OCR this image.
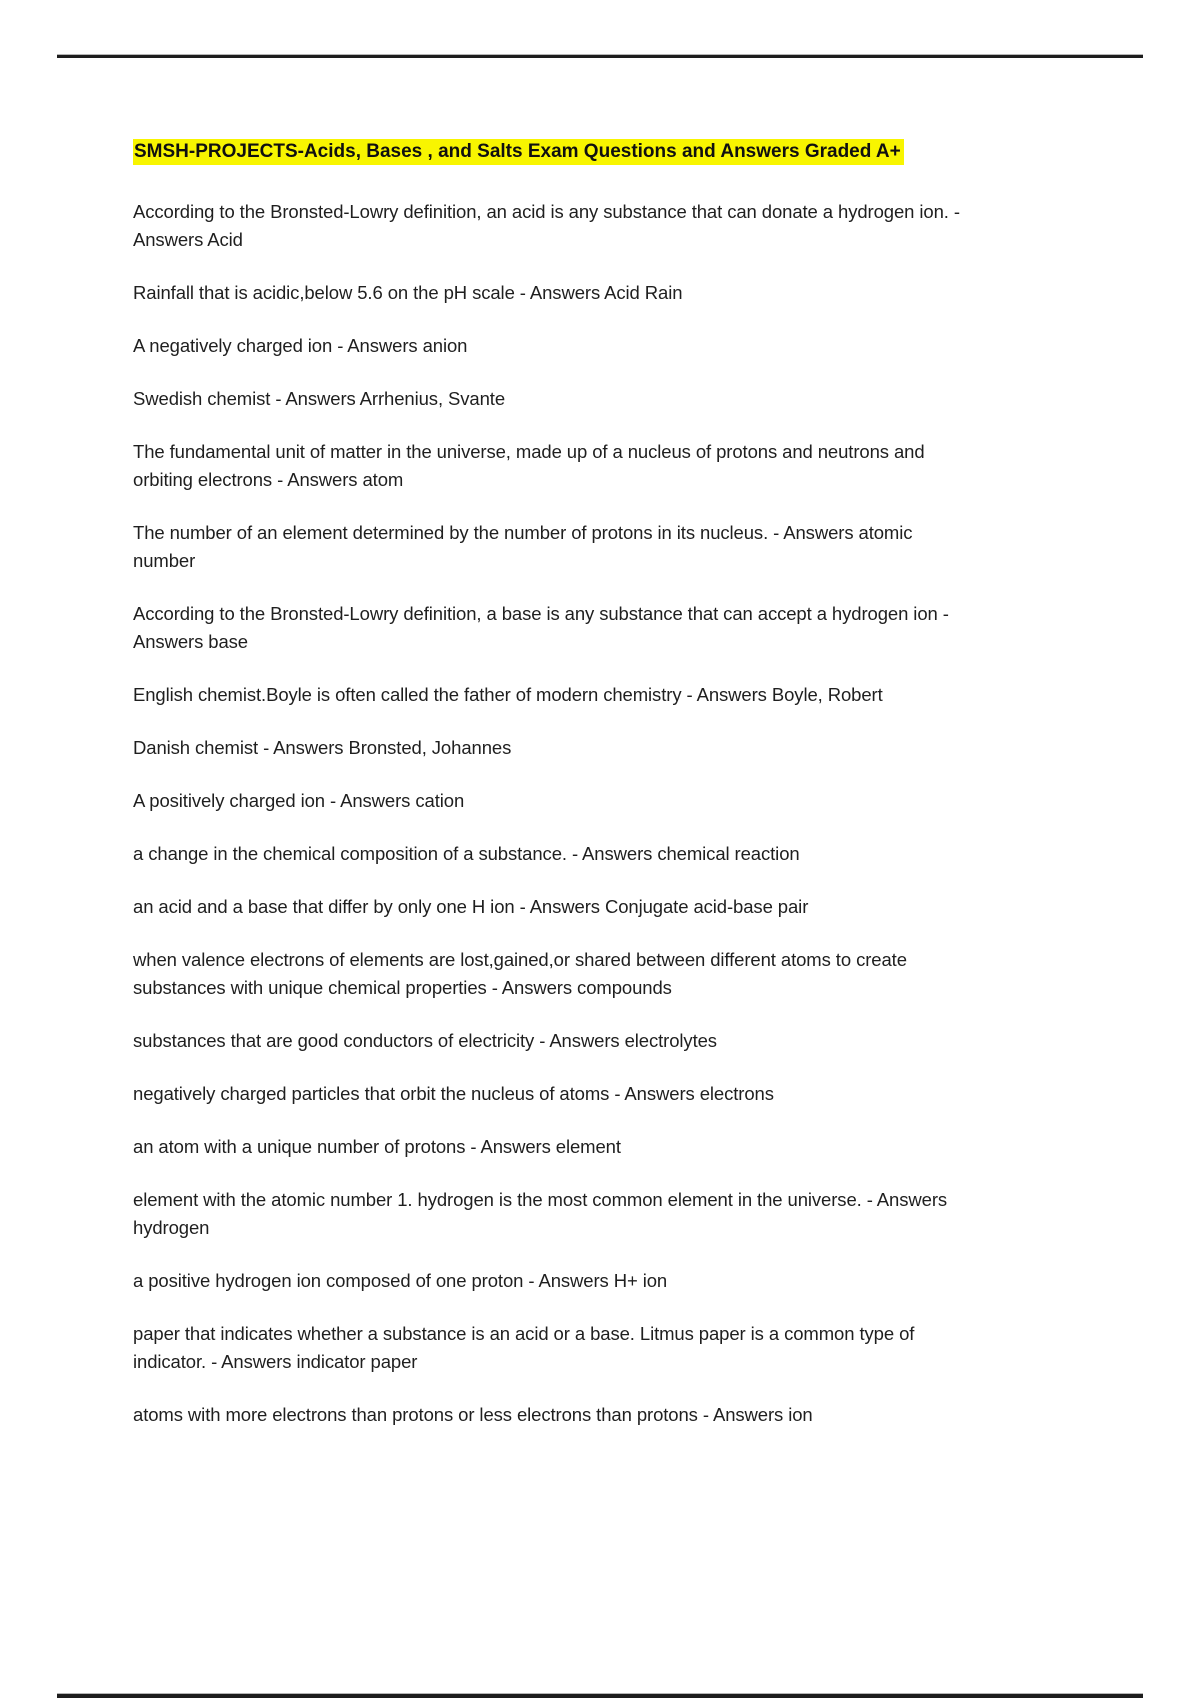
SMSH-PROJECTS-Acids, Bases , and Salts Exam Questions and Answers Graded A+

According to the Bronsted-Lowry definition, an acid is any substance that can donate a hydrogen ion. -
Answers Acid

Rainfall that is acidic,below 5.6 on the pH scale - Answers Acid Rain

A negatively charged ion - Answers anion

Swedish chemist - Answers Arrhenius, Svante

The fundamental unit of matter in the universe, made up of a nucleus of protons and neutrons and
orbiting electrons - Answers atom

The number of an element determined by the number of protons in its nucleus. - Answers atomic
number

According to the Bronsted-Lowry definition, a base is any substance that can accept a hydrogen ion -
Answers base

English chemist.Boyle is often called the father of modern chemistry - Answers Boyle, Robert

Danish chemist - Answers Bronsted, Johannes

A positively charged ion - Answers cation

a change in the chemical composition of a substance. - Answers chemical reaction

an acid and a base that differ by only one H ion - Answers Conjugate acid-base pair

when valence electrons of elements are lost,gained,or shared between different atoms to create
substances with unique chemical properties - Answers compounds

substances that are good conductors of electricity - Answers electrolytes

negatively charged particles that orbit the nucleus of atoms - Answers electrons

an atom with a unique number of protons - Answers element

element with the atomic number 1. hydrogen is the most common element in the universe. - Answers
hydrogen

a positive hydrogen ion composed of one proton - Answers H+ ion

paper that indicates whether a substance is an acid or a base. Litmus paper is a common type of
indicator. - Answers indicator paper

atoms with more electrons than protons or less electrons than protons - Answers ion
